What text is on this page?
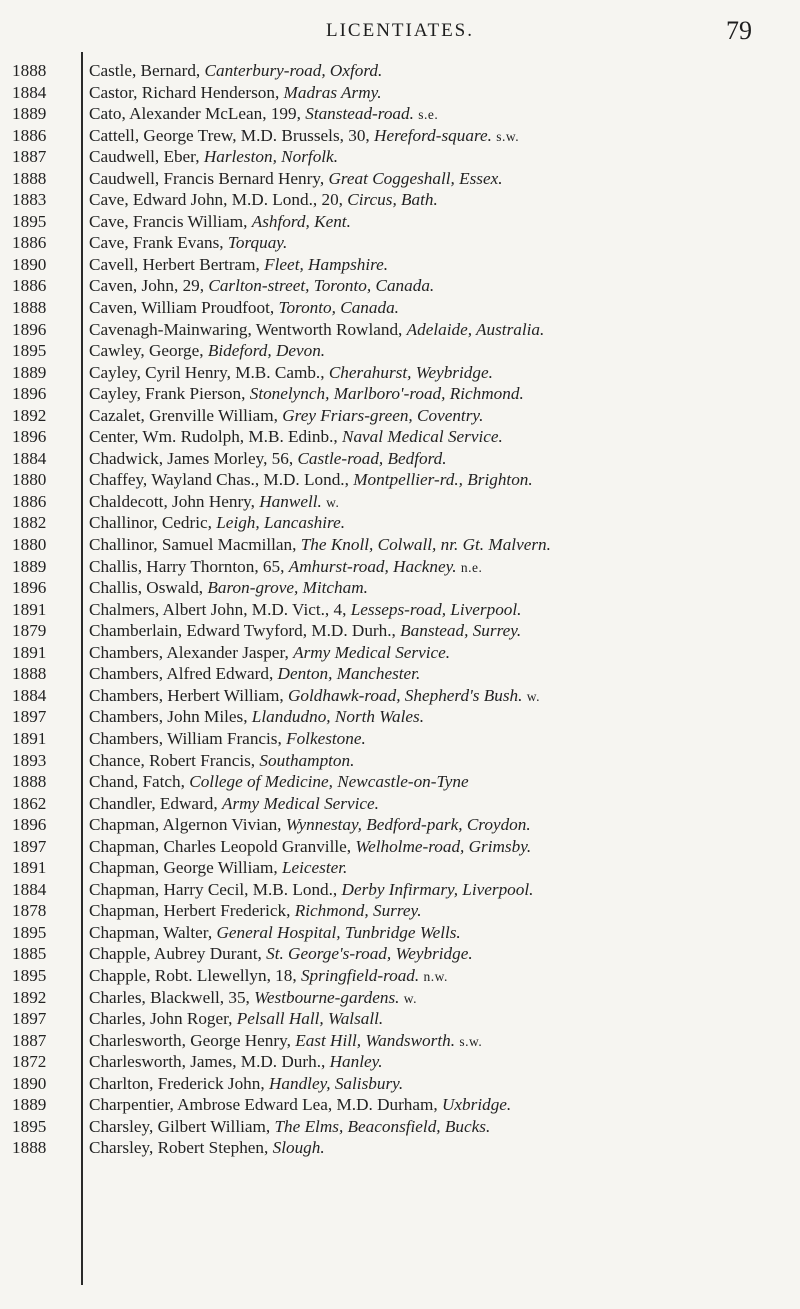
LICENTIATES.	79
1888	Castle, Bernard, Canterbury-road, Oxford.
1884	Castor, Richard Henderson, Madras Army.
1889	Cato, Alexander McLean, 199, Stanstead-road. s.e.
1886	Cattell, George Trew, M.D. Brussels, 30, Hereford-square. s.w.
1887	Caudwell, Eber, Harleston, Norfolk.
1888	Caudwell, Francis Bernard Henry, Great Coggeshall, Essex.
1883	Cave, Edward John, M.D. Lond., 20, Circus, Bath.
1895	Cave, Francis William, Ashford, Kent.
1886	Cave, Frank Evans, Torquay.
1890	Cavell, Herbert Bertram, Fleet, Hampshire.
1886	Caven, John, 29, Carlton-street, Toronto, Canada.
1888	Caven, William Proudfoot, Toronto, Canada.
1896	Cavenagh-Mainwaring, Wentworth Rowland, Adelaide, Australia.
1895	Cawley, George, Bideford, Devon.
1889	Cayley, Cyril Henry, M.B. Camb., Cherahurst, Weybridge.
1896	Cayley, Frank Pierson, Stonelynch, Marlboro'-road, Richmond.
1892	Cazalet, Grenville William, Grey Friars-green, Coventry.
1896	Center, Wm. Rudolph, M.B. Edinb., Naval Medical Service.
1884	Chadwick, James Morley, 56, Castle-road, Bedford.
1880	Chaffey, Wayland Chas., M.D. Lond., Montpellier-rd., Brighton.
1886	Chaldecott, John Henry, Hanwell. w.
1882	Challinor, Cedric, Leigh, Lancashire.
1880	Challinor, Samuel Macmillan, The Knoll, Colwall, nr. Gt. Malvern.
1889	Challis, Harry Thornton, 65, Amhurst-road, Hackney. n.e.
1896	Challis, Oswald, Baron-grove, Mitcham.
1891	Chalmers, Albert John, M.D. Vict., 4, Lesseps-road, Liverpool.
1879	Chamberlain, Edward Twyford, M.D. Durh., Banstead, Surrey.
1891	Chambers, Alexander Jasper, Army Medical Service.
1888	Chambers, Alfred Edward, Denton, Manchester.
1884	Chambers, Herbert William, Goldhawk-road, Shepherd's Bush. w.
1897	Chambers, John Miles, Llandudno, North Wales.
1891	Chambers, William Francis, Folkestone.
1893	Chance, Robert Francis, Southampton.
1888	Chand, Fatch, College of Medicine, Newcastle-on-Tyne
1862	Chandler, Edward, Army Medical Service.
1896	Chapman, Algernon Vivian, Wynnestay, Bedford-park, Croydon.
1897	Chapman, Charles Leopold Granville, Welholme-road, Grimsby.
1891	Chapman, George William, Leicester.
1884	Chapman, Harry Cecil, M.B. Lond., Derby Infirmary, Liverpool.
1878	Chapman, Herbert Frederick, Richmond, Surrey.
1895	Chapman, Walter, General Hospital, Tunbridge Wells.
1885	Chapple, Aubrey Durant, St. George's-road, Weybridge.
1895	Chapple, Robt. Llewellyn, 18, Springfield-road. n.w.
1892	Charles, Blackwell, 35, Westbourne-gardens. w.
1897	Charles, John Roger, Pelsall Hall, Walsall.
1887	Charlesworth, George Henry, East Hill, Wandsworth. s.w.
1872	Charlesworth, James, M.D. Durh., Hanley.
1890	Charlton, Frederick John, Handley, Salisbury.
1889	Charpentier, Ambrose Edward Lea, M.D. Durham, Uxbridge.
1895	Charsley, Gilbert William, The Elms, Beaconsfield, Bucks.
1888	Charsley, Robert Stephen, Slough.
